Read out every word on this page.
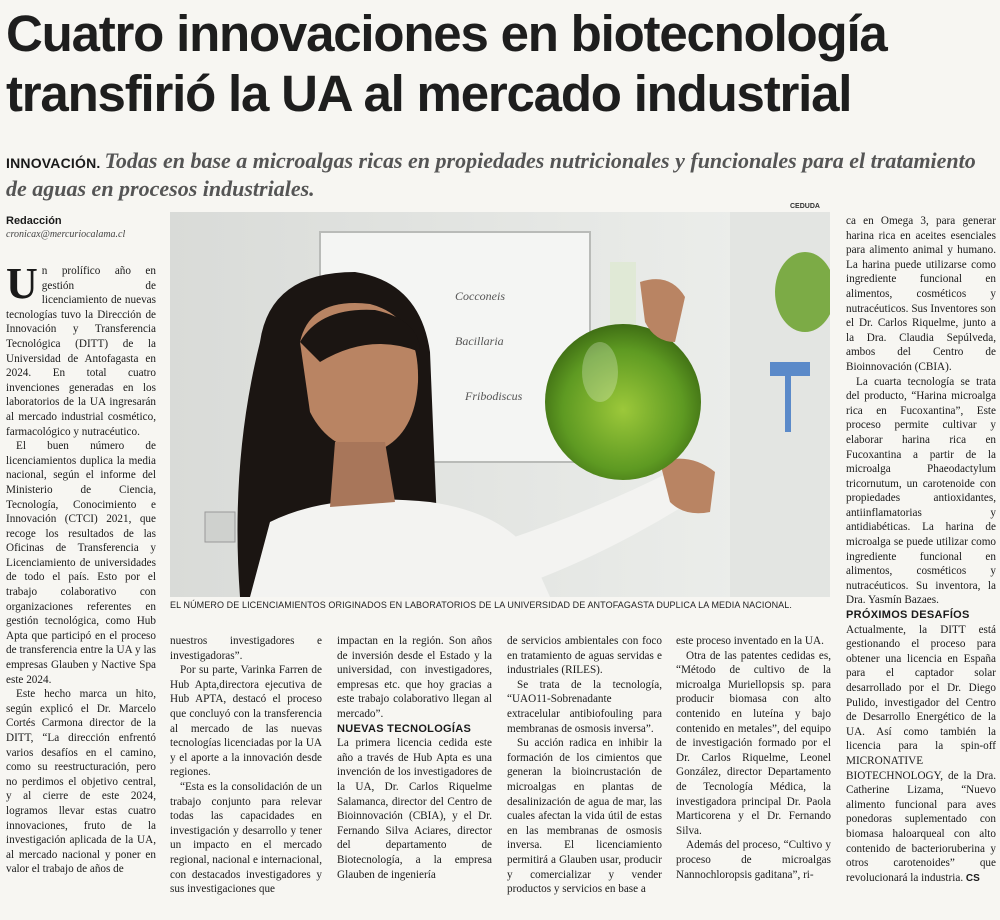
Cuatro innovaciones en biotecnología transfirió la UA al mercado industrial
INNOVACIÓN. Todas en base a microalgas ricas en propiedades nutricionales y funcionales para el tratamiento de aguas en procesos industriales.
Redacción
cronicax@mercuriocalama.cl

Un prolífico año en gestión de licenciamiento de nuevas tecnologías tuvo la Dirección de Innovación y Transferencia Tecnológica (DITT) de la Universidad de Antofagasta en 2024. En total cuatro invenciones generadas en los laboratorios de la UA ingresarán al mercado industrial cosmético, farmacológico y nutracéutico.

El buen número de licenciamientos duplica la media nacional, según el informe del Ministerio de Ciencia, Tecnología, Conocimiento e Innovación (CTCI) 2021, que recoge los resultados de las Oficinas de Transferencia y Licenciamiento de universidades de todo el país. Esto por el trabajo colaborativo con organizaciones referentes en gestión tecnológica, como Hub Apta que participó en el proceso de transferencia entre la UA y las empresas Glauben y Nactive Spa este 2024.

Este hecho marca un hito, según explicó el Dr. Marcelo Cortés Carmona director de la DITT, “La dirección enfrentó varios desafíos en el camino, como su reestructuración, pero no perdimos el objetivo central, y al cierre de este 2024, logramos llevar estas cuatro innovaciones, fruto de la investigación aplicada de la UA, al mercado nacional y poner en valor el trabajo de años de

CEDUDA
Cocconeis
Bacillaria
Fribodiscus
EL NÚMERO DE LICENCIAMIENTOS ORIGINADOS EN LABORATORIOS DE LA UNIVERSIDAD DE ANTOFAGASTA DUPLICA LA MEDIA NACIONAL.

nuestros investigadores e investigadoras”.

Por su parte, Varinka Farren de Hub Apta,directora ejecutiva de Hub APTA, destacó el proceso que concluyó con la transferencia al mercado de las nuevas tecnologías licenciadas por la UA y el aporte a la innovación desde regiones.

“Esta es la consolidación de un trabajo conjunto para relevar todas las capacidades en investigación y desarrollo y tener un impacto en el mercado regional, nacional e internacional, con destacados investigadores y sus investigaciones que

impactan en la región. Son años de inversión desde el Estado y la universidad, con investigadores, empresas etc. que hoy gracias a este trabajo colaborativo llegan al mercado”.

NUEVAS TECNOLOGÍAS

La primera licencia cedida este año a través de Hub Apta es una invención de los investigadores de la UA, Dr. Carlos Riquelme Salamanca, director del Centro de Bioinnovación (CBIA), y el Dr. Fernando Silva Aciares, director del departamento de Biotecnología, a la empresa Glauben de ingeniería

de servicios ambientales con foco en tratamiento de aguas servidas e industriales (RILES).

Se trata de la tecnología, “UAO11-Sobrenadante extracelular antibiofouling para membranas de osmosis inversa”.

Su acción radica en inhibir la formación de los cimientos que generan la bioincrustación de microalgas en plantas de desalinización de agua de mar, las cuales afectan la vida útil de estas en las membranas de osmosis inversa. El licenciamiento permitirá a Glauben usar, producir y comercializar y vender productos y servicios en base a

este proceso inventado en la UA.

Otra de las patentes cedidas es, “Método de cultivo de la microalga Muriellopsis sp. para producir biomasa con alto contenido en luteína y bajo contenido en metales”, del equipo de investigación formado por el Dr. Carlos Riquelme, Leonel González, director Departamento de Tecnología Médica, la investigadora principal Dr. Paola Marticorena y el Dr. Fernando Silva.

Además del proceso, “Cultivo y proceso de microalgas Nannochloropsis gaditana”, ri-

ca en Omega 3, para generar harina rica en aceites esenciales para alimento animal y humano. La harina puede utilizarse como ingrediente funcional en alimentos, cosméticos y nutracéuticos. Sus Inventores son el Dr. Carlos Riquelme, junto a la Dra. Claudia Sepúlveda, ambos del Centro de Bioinnovación (CBIA).

La cuarta tecnología se trata del producto, “Harina microalga rica en Fucoxantina”, Este proceso permite cultivar y elaborar harina rica en Fucoxantina a partir de la microalga Phaeodactylum tricornutum, un carotenoide con propiedades antioxidantes, antiinflamatorias y antidiabéticas. La harina de microalga se puede utilizar como ingrediente funcional en alimentos, cosméticos y nutracéuticos. Su inventora, la Dra. Yasmín Bazaes.

PRÓXIMOS DESAFÍOS

Actualmente, la DITT está gestionando el proceso para obtener una licencia en España para el captador solar desarrollado por el Dr. Diego Pulido, investigador del Centro de Desarrollo Energético de la UA. Así como también la licencia para la spin-off MICRONATIVE BIOTECHNOLOGY, de la Dra. Catherine Lizama, “Nuevo alimento funcional para aves ponedoras suplementado con biomasa haloarqueal con alto contenido de bacterioruberina y otros carotenoides” que revolucionará la industria. CS
